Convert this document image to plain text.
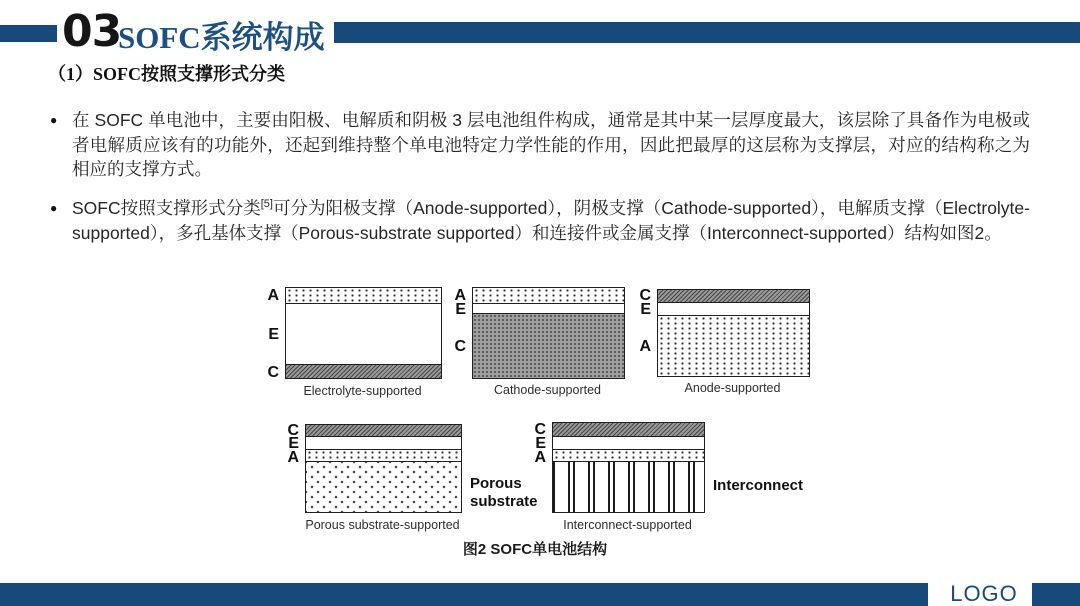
03
SOFC系统构成
（1）SOFC按照支撑形式分类
●
在 SOFC 单电池中，主要由阳极、电解质和阴极 3 层电池组件构成，通常是其中某一层厚度最大，该层除了具备作为电极或者电解质应该有的功能外，还起到维持整个单电池特定力学性能的作用，因此把最厚的这层称为支撑层，对应的结构称之为相应的支撑方式。
●
SOFC按照支撑形式分类[5]可分为阳极支撑（Anode-supported），阴极支撑（Cathode-supported），电解质支撑（Electrolyte-supported），多孔基体支撑（Porous-substrate supported）和连接件或金属支撑（Interconnect-supported）结构如图2。
A
E
C
Electrolyte-supported
A
E
C
Cathode-supported
C
E
A
Anode-supported
C
E
A
Porous substrate
Porous substrate-supported
C
E
A
Interconnect
Interconnect-supported
图2 SOFC单电池结构
LOGO
